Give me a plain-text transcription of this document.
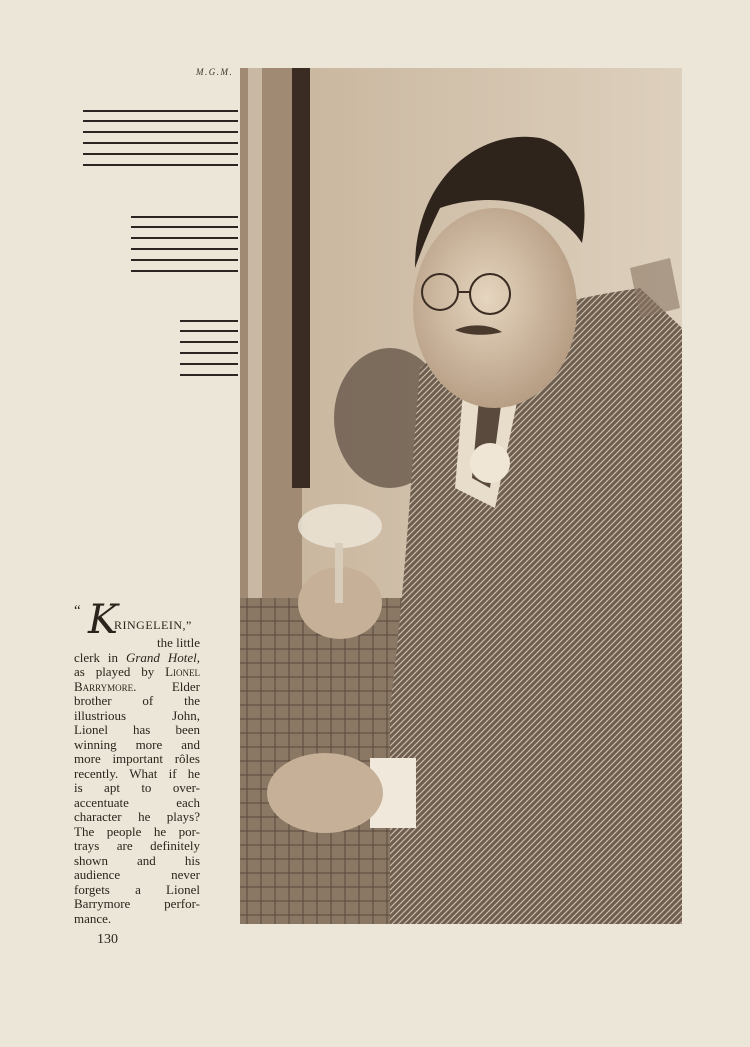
M.G.M.
“ K
RINGELEIN,”
the little
clerk in Grand Hotel,
as played by Lionel
Barrymore.	Elder
brother of the
illustrious John,
Lionel has been
winning more and
more important rôles
recently. What if he
is apt to over-
accentuate each
character he plays?
The people he por-
trays are definitely
shown and his
audience never
forgets a Lionel
Barrymore perfor-
mance.
130
